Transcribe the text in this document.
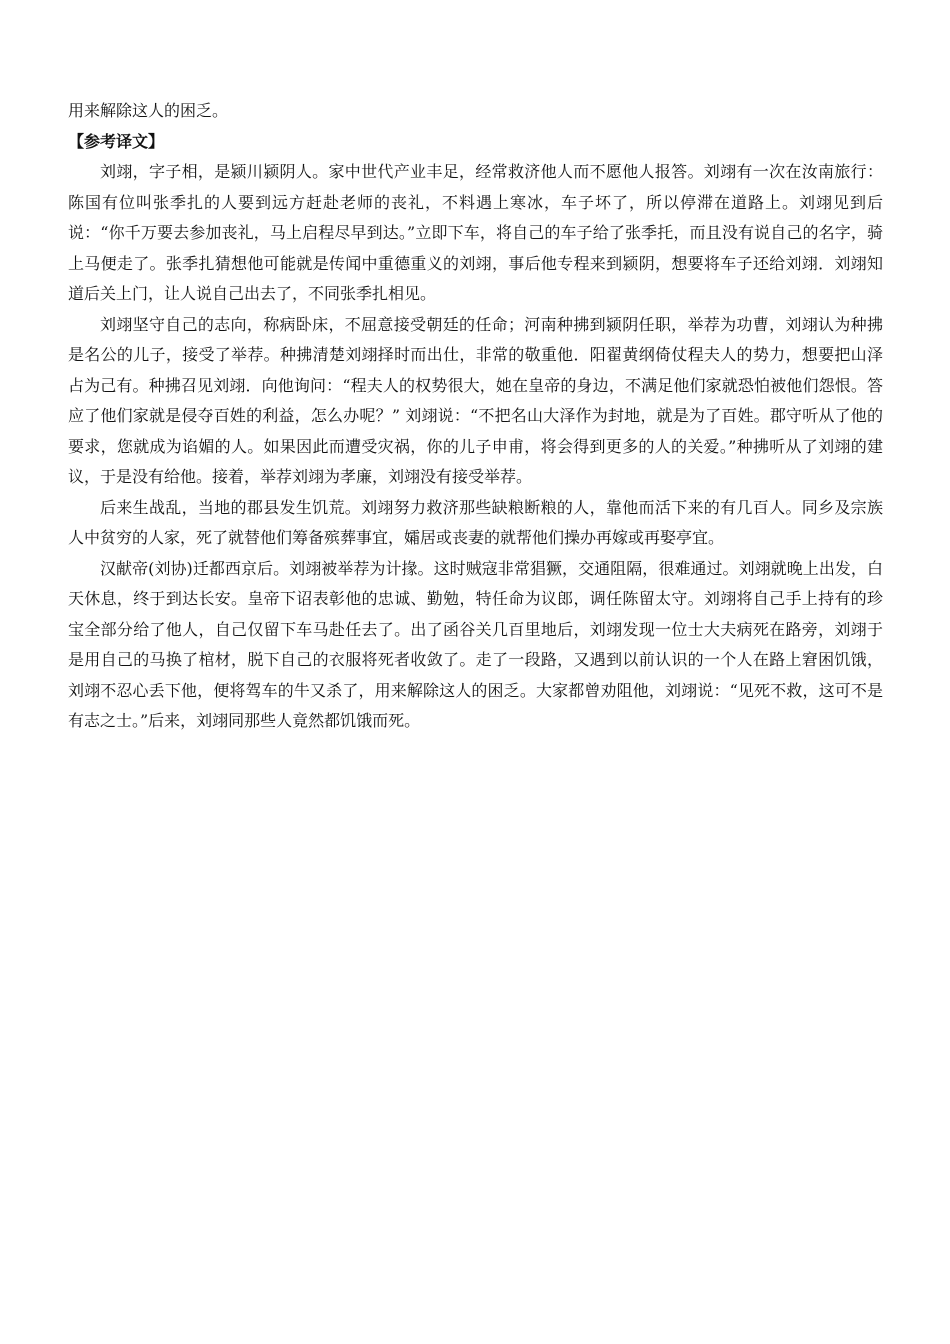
用来解除这人的困乏。

【参考译文】

刘翊，字子相，是颍川颍阴人。家中世代产业丰足，经常救济他人而不愿他人报答。刘翊有一次在汝南旅行：陈国有位叫张季扎的人要到远方赶赴老师的丧礼，不料遇上寒冰，车子坏了，所以停滞在道路上。刘翊见到后说：“你千万要去参加丧礼，马上启程尽早到达。”立即下车，将自己的车子给了张季托，而且没有说自己的名字，骑上马便走了。张季扎猜想他可能就是传闻中重德重义的刘翊，事后他专程来到颍阴，想要将车子还给刘翊．刘翊知道后关上门，让人说自己出去了，不同张季扎相见。

刘翊坚守自己的志向，称病卧床，不屈意接受朝廷的任命；河南种拂到颍阴任职，举荐为功曹，刘翊认为种拂是名公的儿子，接受了举荐。种拂清楚刘翊择时而出仕，非常的敬重他．阳翟黄纲倚仗程夫人的势力，想要把山泽占为己有。种拂召见刘翊．向他询问：“程夫人的权势很大，她在皇帝的身边，不满足他们家就恐怕被他们怨恨。答应了他们家就是侵夺百姓的利益，怎么办呢？” 刘翊说：“不把名山大泽作为封地，就是为了百姓。郡守听从了他的要求，您就成为谄媚的人。如果因此而遭受灾祸，你的儿子申甫，将会得到更多的人的关爱。”种拂听从了刘翊的建议，于是没有给他。接着，举荐刘翊为孝廉，刘翊没有接受举荐。

后来生战乱，当地的郡县发生饥荒。刘翊努力救济那些缺粮断粮的人，靠他而活下来的有几百人。同乡及宗族人中贫穷的人家，死了就替他们筹备殡葬事宜，孀居或丧妻的就帮他们操办再嫁或再娶亭宜。

汉献帝(刘协)迁都西京后。刘翊被举荐为计掾。这时贼寇非常猖獗，交通阻隔，很难通过。刘翊就晚上出发，白天休息，终于到达长安。皇帝下诏表彰他的忠诚、勤勉，特任命为议郎，调任陈留太守。刘翊将自己手上持有的珍宝全部分给了他人，自己仅留下车马赴任去了。出了函谷关几百里地后，刘翊发现一位士大夫病死在路旁，刘翊于是用自己的马换了棺材，脱下自己的衣服将死者收敛了。走了一段路，又遇到以前认识的一个人在路上窘困饥饿，刘翊不忍心丢下他，便将驾车的牛又杀了，用来解除这人的困乏。大家都曾劝阻他，刘翊说：“见死不救，这可不是有志之士。”后来，刘翊同那些人竟然都饥饿而死。
